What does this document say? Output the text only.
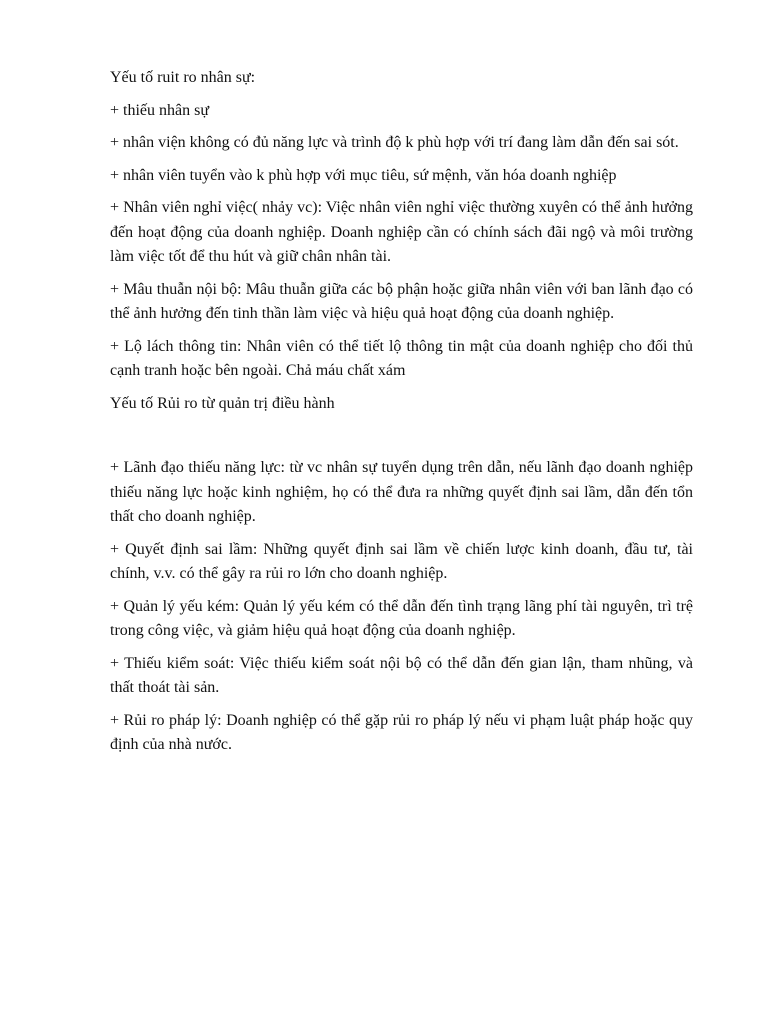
Yếu tố ruit ro nhân sự:

+ thiếu nhân sự

+ nhân viện không có đủ năng lực và trình độ k phù hợp với trí đang làm dẫn đến sai sót.

+ nhân viên tuyển vào k phù hợp với mục tiêu, sứ mệnh, văn hóa doanh nghiệp

+ Nhân viên nghỉ việc( nhảy vc): Việc nhân viên nghỉ việc thường xuyên có thể ảnh hưởng đến hoạt động của doanh nghiệp. Doanh nghiệp cần có chính sách đãi ngộ và môi trường làm việc tốt để thu hút và giữ chân nhân tài.

+ Mâu thuẫn nội bộ: Mâu thuẫn giữa các bộ phận hoặc giữa nhân viên với ban lãnh đạo có thể ảnh hưởng đến tinh thần làm việc và hiệu quả hoạt động của doanh nghiệp.

+ Lộ lách thông tin: Nhân viên có thể tiết lộ thông tin mật của doanh nghiệp cho đối thủ cạnh tranh hoặc bên ngoài. Chả máu chất xám

Yếu tố Rủi ro từ quản trị điều hành

+ Lãnh đạo thiếu năng lực: từ vc nhân sự tuyển dụng trên dẫn, nếu lãnh đạo doanh nghiệp thiếu năng lực hoặc kinh nghiệm, họ có thể đưa ra những quyết định sai lầm, dẫn đến tổn thất cho doanh nghiệp.

+ Quyết định sai lầm: Những quyết định sai lầm về chiến lược kinh doanh, đầu tư, tài chính, v.v. có thể gây ra rủi ro lớn cho doanh nghiệp.

+ Quản lý yếu kém: Quản lý yếu kém có thể dẫn đến tình trạng lãng phí tài nguyên, trì trệ trong công việc, và giảm hiệu quả hoạt động của doanh nghiệp.

+ Thiếu kiểm soát: Việc thiếu kiểm soát nội bộ có thể dẫn đến gian lận, tham nhũng, và thất thoát tài sản.

+ Rủi ro pháp lý: Doanh nghiệp có thể gặp rủi ro pháp lý nếu vi phạm luật pháp hoặc quy định của nhà nước.
